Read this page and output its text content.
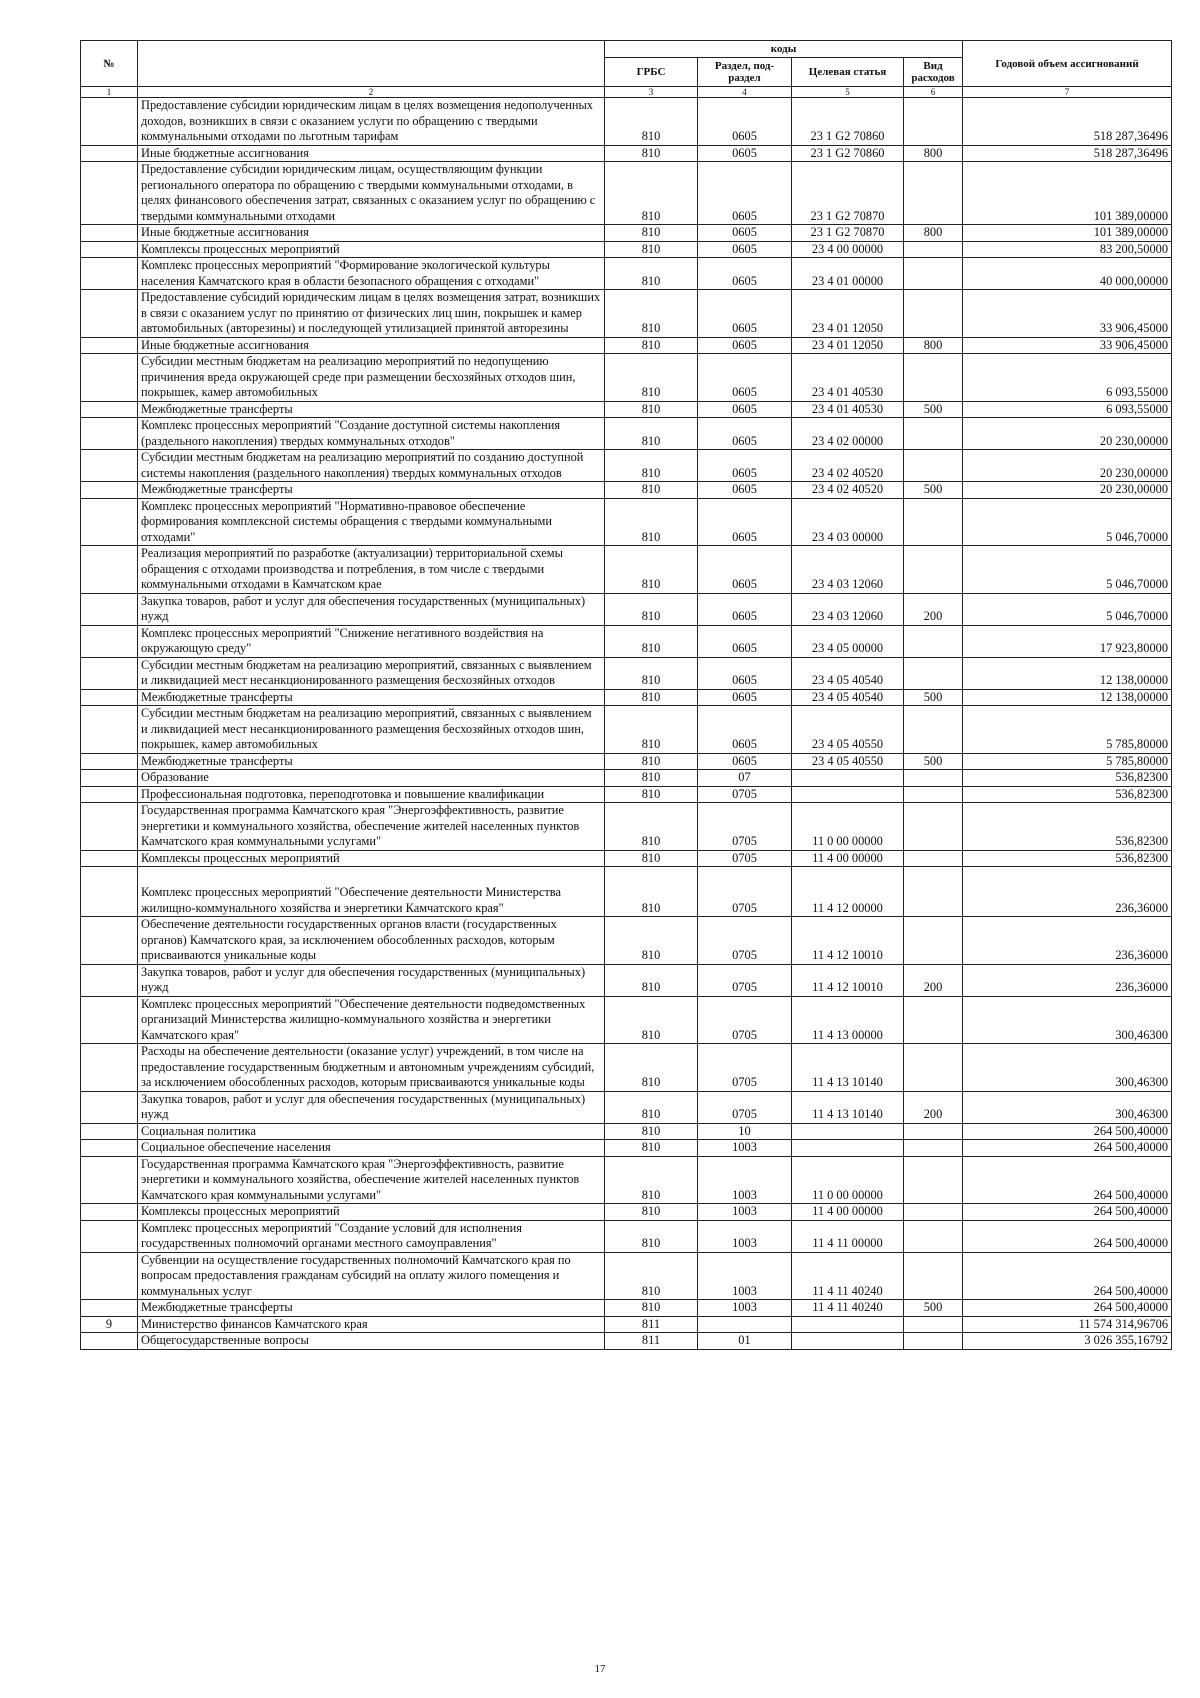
№		коды				Годовой объем ассигнований
		ГРБС	Раздел, под-раздел	Целевая статья	Вид расходов	
1	2	3	4	5	6	7
	Предоставление субсидии юридическим лицам в целях возмещения недополученных доходов, возникших в связи с оказанием услуги по обращению с твердыми коммунальными отходами по льготным тарифам	810	0605	23 1 G2 70860		518 287,36496
	Иные бюджетные ассигнования	810	0605	23 1 G2 70860	800	518 287,36496
	Предоставление субсидии юридическим лицам, осуществляющим функции регионального оператора по обращению с твердыми коммунальными отходами, в целях финансового обеспечения затрат, связанных с оказанием услуг по обращению с твердыми коммунальными отходами	810	0605	23 1 G2 70870		101 389,00000
	Иные бюджетные ассигнования	810	0605	23 1 G2 70870	800	101 389,00000
	Комплексы процессных мероприятий	810	0605	23 4 00 00000		83 200,50000
	Комплекс процессных мероприятий "Формирование экологической культуры населения Камчатского края в области безопасного обращения с отходами"	810	0605	23 4 01 00000		40 000,00000
	Предоставление субсидий юридическим лицам в целях возмещения затрат, возникших в связи с оказанием услуг по принятию от физических лиц шин, покрышек и камер автомобильных (авторезины) и последующей утилизацией принятой авторезины	810	0605	23 4 01 12050		33 906,45000
	Иные бюджетные ассигнования	810	0605	23 4 01 12050	800	33 906,45000
	Субсидии местным бюджетам на реализацию мероприятий по недопущению причинения вреда окружающей среде при размещении бесхозяйных отходов шин, покрышек, камер автомобильных	810	0605	23 4 01 40530		6 093,55000
	Межбюджетные трансферты	810	0605	23 4 01 40530	500	6 093,55000
	Комплекс процессных мероприятий "Создание доступной системы накопления (раздельного накопления) твердых коммунальных отходов"	810	0605	23 4 02 00000		20 230,00000
	Субсидии местным бюджетам на реализацию мероприятий по созданию доступной системы накопления (раздельного накопления) твердых коммунальных отходов	810	0605	23 4 02 40520		20 230,00000
	Межбюджетные трансферты	810	0605	23 4 02 40520	500	20 230,00000
	Комплекс процессных мероприятий "Нормативно-правовое обеспечение формирования комплексной системы обращения с твердыми коммунальными отходами"	810	0605	23 4 03 00000		5 046,70000
	Реализация мероприятий по разработке (актуализации) территориальной схемы обращения с отходами производства и потребления, в том числе с твердыми коммунальными отходами в Камчатском крае	810	0605	23 4 03 12060		5 046,70000
	Закупка товаров, работ и услуг для обеспечения государственных (муниципальных) нужд	810	0605	23 4 03 12060	200	5 046,70000
	Комплекс процессных мероприятий "Снижение негативного воздействия на окружающую среду"	810	0605	23 4 05 00000		17 923,80000
	Субсидии местным бюджетам на реализацию мероприятий, связанных с выявлением и ликвидацией мест несанкционированного размещения бесхозяйных отходов	810	0605	23 4 05 40540		12 138,00000
	Межбюджетные трансферты	810	0605	23 4 05 40540	500	12 138,00000
	Субсидии местным бюджетам на реализацию мероприятий, связанных с выявлением и ликвидацией мест несанкционированного размещения бесхозяйных отходов шин, покрышек, камер автомобильных	810	0605	23 4 05 40550		5 785,80000
	Межбюджетные трансферты	810	0605	23 4 05 40550	500	5 785,80000
	Образование	810	07			536,82300
	Профессиональная подготовка, переподготовка и повышение квалификации	810	0705			536,82300
	Государственная программа Камчатского края "Энергоэффективность, развитие энергетики и коммунального хозяйства, обеспечение жителей населенных пунктов Камчатского края коммунальными услугами"	810	0705	11 0 00 00000		536,82300
	Комплексы процессных мероприятий	810	0705	11 4 00 00000		536,82300
	Комплекс процессных мероприятий "Обеспечение деятельности Министерства жилищно-коммунального хозяйства и энергетики Камчатского края"	810	0705	11 4 12 00000		236,36000
	Обеспечение деятельности государственных органов власти (государственных органов) Камчатского края, за исключением обособленных расходов, которым присваиваются уникальные коды	810	0705	11 4 12 10010		236,36000
	Закупка товаров, работ и услуг для обеспечения государственных (муниципальных) нужд	810	0705	11 4 12 10010	200	236,36000
	Комплекс процессных мероприятий "Обеспечение деятельности подведомственных организаций Министерства жилищно-коммунального хозяйства и энергетики Камчатского края"	810	0705	11 4 13 00000		300,46300
	Расходы на обеспечение деятельности (оказание услуг) учреждений, в том числе на предоставление государственным бюджетным и автономным учреждениям субсидий, за исключением обособленных расходов, которым присваиваются уникальные коды	810	0705	11 4 13 10140		300,46300
	Закупка товаров, работ и услуг для обеспечения государственных (муниципальных) нужд	810	0705	11 4 13 10140	200	300,46300
	Социальная политика	810	10			264 500,40000
	Социальное обеспечение населения	810	1003			264 500,40000
	Государственная программа Камчатского края "Энергоэффективность, развитие энергетики и коммунального хозяйства, обеспечение жителей населенных пунктов Камчатского края коммунальными услугами"	810	1003	11 0 00 00000		264 500,40000
	Комплексы процессных мероприятий	810	1003	11 4 00 00000		264 500,40000
	Комплекс процессных мероприятий "Создание условий для исполнения государственных полномочий органами местного самоуправления"	810	1003	11 4 11 00000		264 500,40000
	Субвенции на осуществление государственных полномочий Камчатского края по вопросам предоставления гражданам субсидий на оплату жилого помещения и коммунальных услуг	810	1003	11 4 11 40240		264 500,40000
	Межбюджетные трансферты	810	1003	11 4 11 40240	500	264 500,40000
9	Министерство финансов Камчатского края	811				11 574 314,96706
	Общегосударственные вопросы	811	01			3 026 355,16792
17
